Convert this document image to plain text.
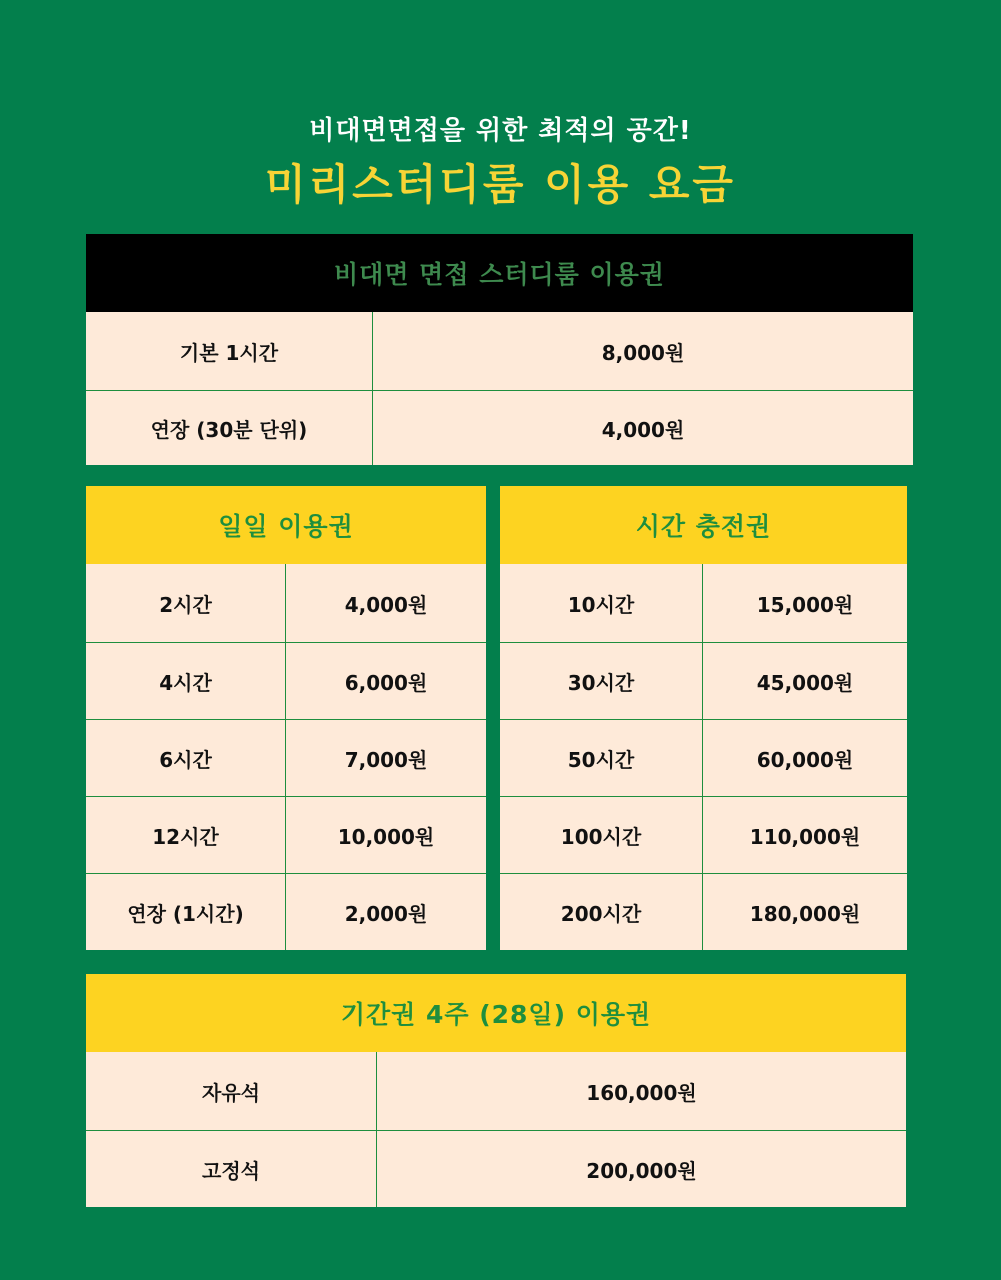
비대면면접을 위한 최적의 공간!
미리스터디룸 이용 요금
비대면 면접 스터디룸 이용권
기본 1시간	8,000원
연장 (30분 단위)	4,000원
일일 이용권
2시간	4,000원
4시간	6,000원
6시간	7,000원
12시간	10,000원
연장 (1시간)	2,000원
시간 충전권
10시간	15,000원
30시간	45,000원
50시간	60,000원
100시간	110,000원
200시간	180,000원
기간권 4주 (28일) 이용권
자유석	160,000원
고정석	200,000원
